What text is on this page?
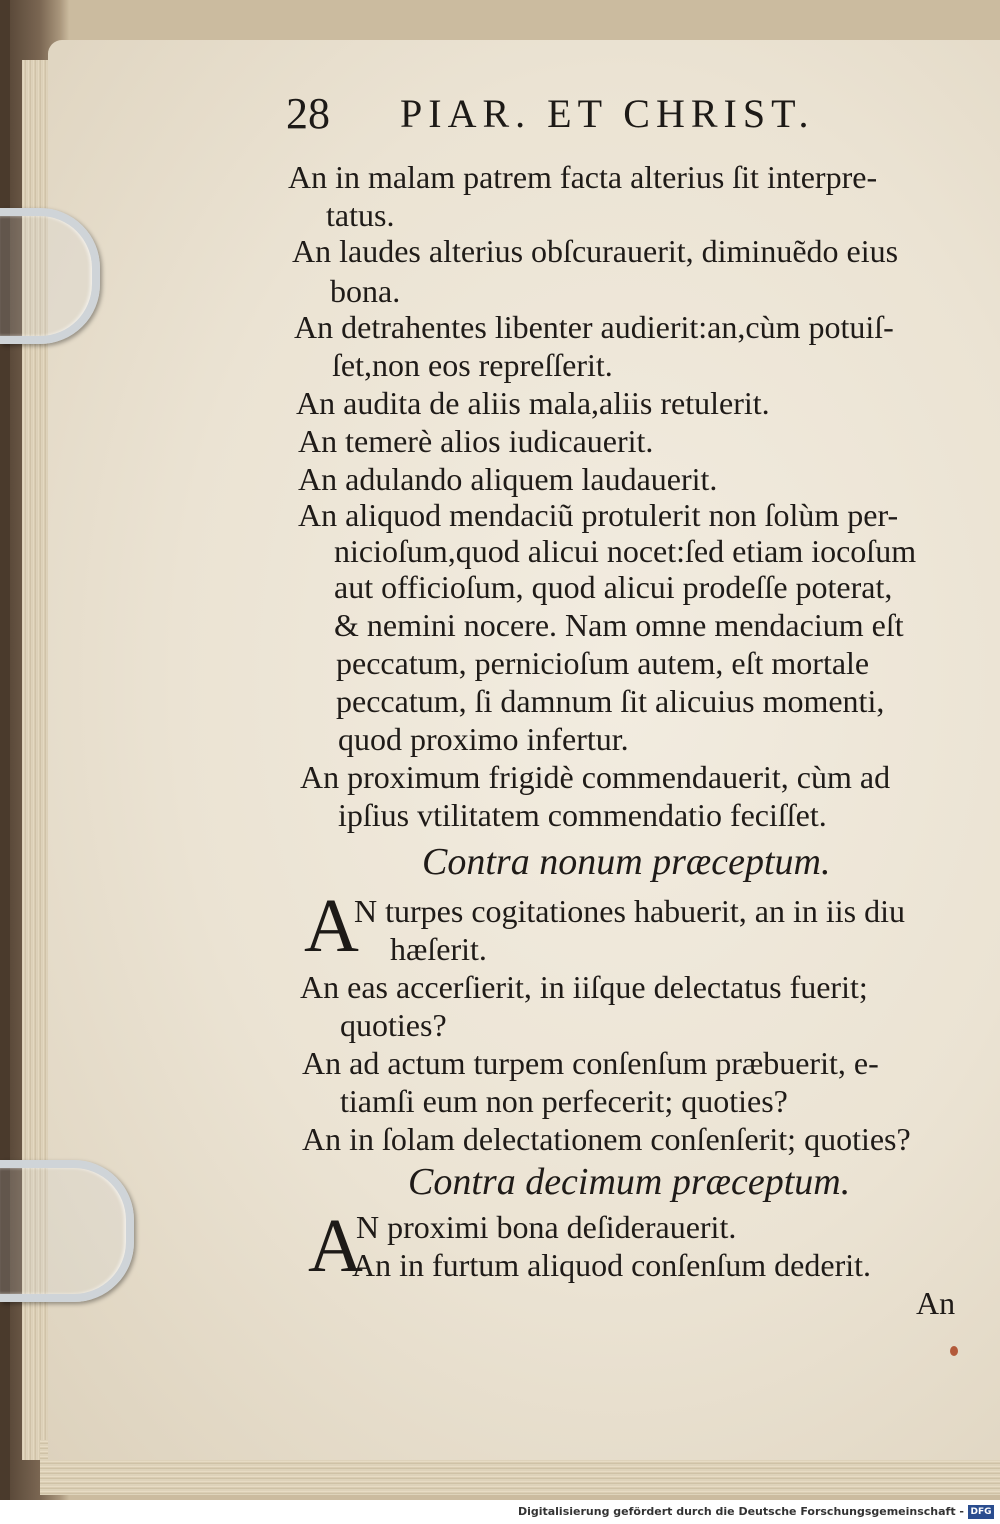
28 PIAR. ET CHRIST.
An in malam patrem facta alterius ſit interpre-
tatus.
An laudes alterius obſcurauerit, diminuẽdo eius
bona.
An detrahentes libenter audierit:an,cùm potuiſ-
ſet,non eos repreſſerit.
An audita de aliis mala,aliis retulerit.
An temerè alios iudicauerit.
An adulando aliquem laudauerit.
An aliquod mendaciũ protulerit non ſolùm per-
nicioſum,quod alicui nocet:ſed etiam iocoſum
aut officioſum, quod alicui prodeſſe poterat,
& nemini nocere. Nam omne mendacium eſt
peccatum, pernicioſum autem, eſt mortale
peccatum, ſi damnum ſit alicuius momenti,
quod proximo infertur.
An proximum frigidè commendauerit, cùm ad
ipſius vtilitatem commendatio feciſſet.
Contra nonum præceptum.
A
N turpes cogitationes habuerit, an in iis diu
hæſerit.
An eas accerſierit, in iiſque delectatus fuerit;
quoties?
An ad actum turpem conſenſum præbuerit, e-
tiamſi eum non perfecerit; quoties?
An in ſolam delectationem conſenſerit; quoties?
Contra decimum præceptum.
A
N proximi bona deſiderauerit.
An in furtum aliquod conſenſum dederit.
An
Digitalisierung gefördert durch die Deutsche Forschungsgemeinschaft - DFG
